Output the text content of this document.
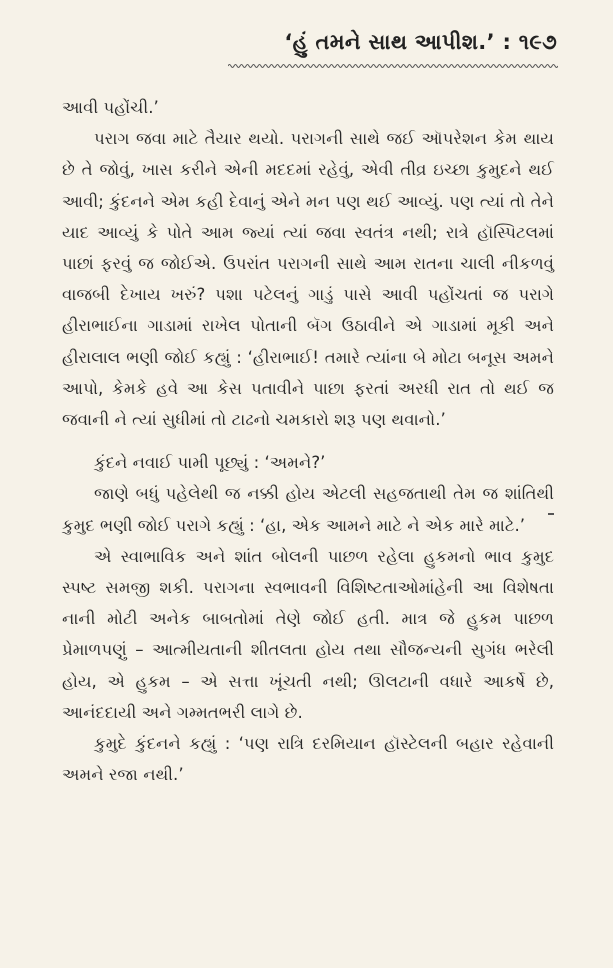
‘હું તમને સાથ આપીશ.’ : ૧૯૭

આવી પહોંચી.’

પરાગ જવા માટે તૈયાર થયો. પરાગની સાથે જઈ ઑપરેશન કેમ થાય છે તે જોવું, ખાસ કરીને એની મદદમાં રહેવું, એવી તીવ્ર ઇચ્છા કુમુદને થઈ આવી; કુંદનને એમ કહી દેવાનું એને મન પણ થઈ આવ્યું. પણ ત્યાં તો તેને યાદ આવ્યું કે પોતે આમ જ્યાં ત્યાં જવા સ્વતંત્ર નથી; રાત્રે હૉસ્પિટલમાં પાછાં ફરવું જ જોઈએ. ઉપરાંત પરાગની સાથે આમ રાતના ચાલી નીકળવું વાજબી દેખાય ખરું? પશા પટેલનું ગાડું પાસે આવી પહોંચતાં જ પરાગે હીરાભાઈના ગાડામાં રાખેલ પોતાની બૅગ ઉઠાવીને એ ગાડામાં મૂકી અને હીરાલાલ ભણી જોઈ કહ્યું : ‘હીરાભાઈ! તમારે ત્યાંના બે મોટા બનૂસ અમને આપો, કેમકે હવે આ કેસ પતાવીને પાછા ફરતાં અરધી રાત તો થઈ જ જવાની ને ત્યાં સુધીમાં તો ટાઢનો ચમકારો શરૂ પણ થવાનો.’

કુંદને નવાઈ પામી પૂછ્યું : ‘અમને?’

જાણે બધું પહેલેથી જ નક્કી હોય એટલી સહજતાથી તેમ જ શાંતિથી કુમુદ ભણી જોઈ પરાગે કહ્યું : ‘હા, એક આમને માટે ને એક મારે માટે.’

એ સ્વાભાવિક અને શાંત બોલની પાછળ રહેલા હુકમનો ભાવ કુમુદ સ્પષ્ટ સમજી શકી. પરાગના સ્વભાવની વિશિષ્ટતાઓમાંહેની આ વિશેષતા નાની મોટી અનેક બાબતોમાં તેણે જોઈ હતી. માત્ર જે હુકમ પાછળ પ્રેમાળપણું – આત્મીયતાની શીતલતા હોય તથા સૌજન્યની સુગંધ ભરેલી હોય, એ હુકમ – એ સત્તા ખૂંચતી નથી; ઊલટાની વધારે આકર્ષે છે, આનંદદાયી અને ગમ્મતભરી લાગે છે.

કુમુદે કુંદનને કહ્યું : ‘પણ રાત્રિ દરમિયાન હૉસ્ટેલની બહાર રહેવાની અમને રજા નથી.’
